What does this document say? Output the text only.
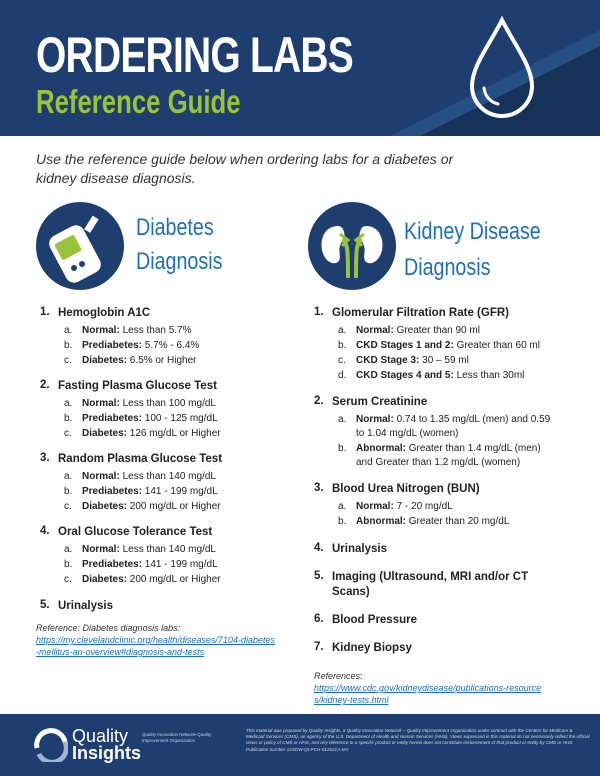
ORDERING LABS
Reference Guide
Use the reference guide below when ordering labs for a diabetes or kidney disease diagnosis.
Diabetes
Diagnosis
Kidney Disease
Diagnosis
1. Hemoglobin A1C
a. Normal: Less than 5.7%
b. Prediabetes: 5.7% - 6.4%
c. Diabetes: 6.5% or Higher
2. Fasting Plasma Glucose Test
a. Normal: Less than 100 mg/dL
b. Prediabetes: 100 - 125 mg/dL
c. Diabetes: 126 mg/dL or Higher
3. Random Plasma Glucose Test
a. Normal: Less than 140 mg/dL
b. Prediabetes: 141 - 199 mg/dL
c. Diabetes: 200 mg/dL or Higher
4. Oral Glucose Tolerance Test
a. Normal: Less than 140 mg/dL
b. Prediabetes: 141 - 199 mg/dL
c. Diabetes: 200 mg/dL or Higher
5. Urinalysis
Reference: Diabetes diagnosis labs:
https://my.clevelandclinic.org/health/diseases/7104-diabetes-mellitus-an-overview#diagnosis-and-tests
1. Glomerular Filtration Rate (GFR)
a. Normal: Greater than 90 ml
b. CKD Stages 1 and 2: Greater than 60 ml
c. CKD Stage 3: 30 – 59 ml
d. CKD Stages 4 and 5: Less than 30ml
2. Serum Creatinine
a. Normal: 0.74 to 1.35 mg/dL (men) and 0.59 to 1.04 mg/dL (women)
b. Abnormal: Greater than 1.4 mg/dL (men) and Greater than 1.2 mg/dL (women)
3. Blood Urea Nitrogen (BUN)
a. Normal: 7 - 20 mg/dL
b. Abnormal: Greater than 20 mg/dL
4. Urinalysis
5. Imaging (Ultrasound, MRI and/or CT Scans)
6. Blood Pressure
7. Kidney Biopsy
References:
https://www.cdc.gov/kidneydisease/publications-resources/kidney-tests.html
Quality
Insights
Quality Innovation Network-Quality Improvement Organization
This material was prepared by Quality Insights, a Quality Innovation Network – Quality Improvement Organization under contract with the Centers for Medicare & Medicaid Services (CMS), an agency of the U.S. Department of Health and Human Services (HHS). Views expressed in this material do not necessarily reflect the official views or policy of CMS or HHS, and any reference to a specific product or entity herein does not constitute endorsement of that product or entity by CMS or HHS. Publication number 12SOW-QI-PCH-012621A-MV
